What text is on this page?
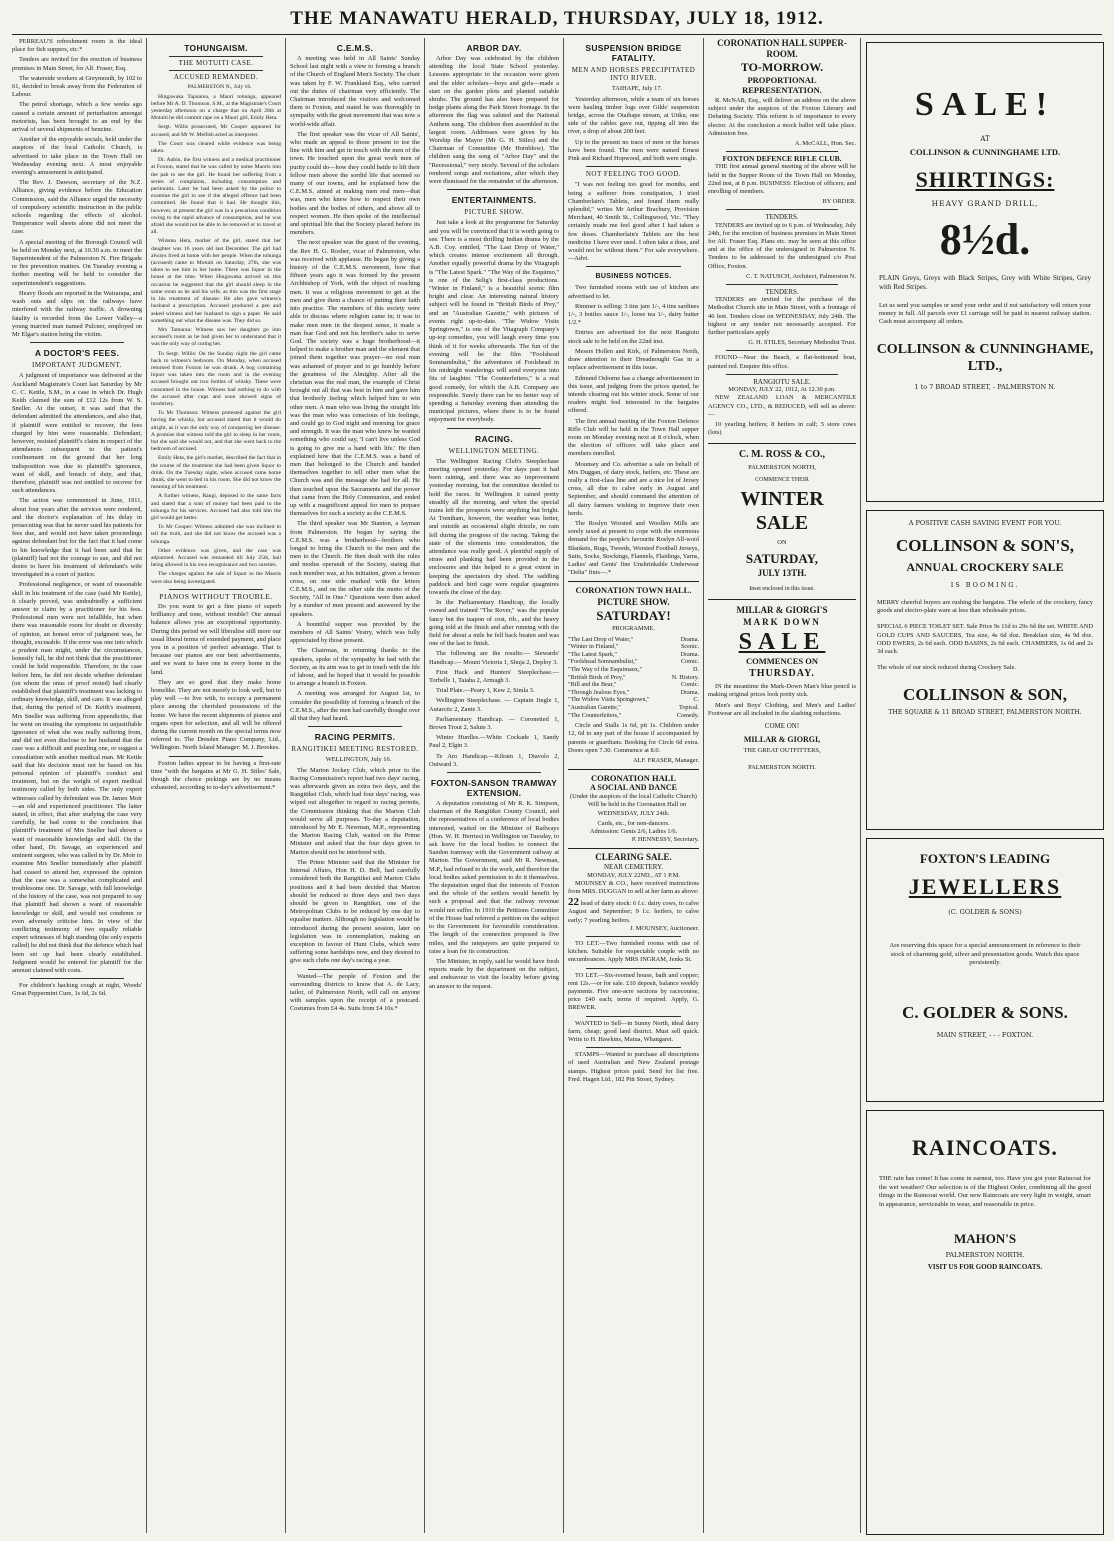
THE MANAWATU HERALD, THURSDAY, JULY 18, 1912.

PERREAU'S refreshment room is the ideal place for fish suppers, etc.*

Tenders are invited for the erection of business premises in Main Street, for Alf. Fraser, Esq.

The waterside workers at Greymouth, by 102 to 61, decided to break away from the Federation of Labour.

The petrol shortage, which a few weeks ago caused a certain amount of perturbation amongst motorists, has been brought to an end by the arrival of several shipments of benzine.

Another of the enjoyable socials, held under the auspices of the local Catholic Church, is advertised to take place in the Town Hall on Wednesday evening next. A most enjoyable evening's amusement is anticipated.

The Rev. J. Dawson, secretary of the N.Z. Alliance, giving evidence before the Education Commission, said the Alliance urged the necessity of compulsory scientific instruction in the public schools regarding the effects of alcohol. Temperance wall sheets alone did not meet the case.

A special meeting of the Borough Council will be held on Monday next, at 10.30 a.m. to meet the Superintendent of the Palmerston N. Fire Brigade re fire prevention matters. On Tuesday evening a further meeting will be held to consider the superintendent's suggestions.

Heavy floods are reported in the Wairarapa, and wash outs and slips on the railways have interfered with the railway traffic. A drowning fatality is recorded from the Lower Valley—a young married man named Pulcner, employed on Mr Elgar's station being the victim.

A DOCTOR'S FEES.
IMPORTANT JUDGMENT.

A judgment of importance was delivered at the Auckland Magistrate's Court last Saturday by Mr C. C. Kettle, S.M., in a case in which Dr. Hugh Keith claimed the sum of £12 12s from W. S. Sneller. At the outset, it was said that the defendant admitted the attendances, and also that, if plaintiff were entitled to recover, the fees charged by him were reasonable. Defendant, however, resisted plaintiff's claim in respect of the attendances subsequent to the patient's confinement on the ground that her long indisposition was due to plaintiff's ignorance, want of skill, and breach of duty, and that, therefore, plaintiff was not entitled to recover for such attendances.

The action was commenced in June, 1911, about four years after the services were rendered, and the doctor's explanation of his delay in prosecuting was that he never sued his patients for fees due, and would not have taken proceedings against defendant but for the fact that it had come to his knowledge that it had been said that he (plaintiff) had not the courage to sue, and did not desire to have his treatment of defendant's wife investigated in a court of justice.

Professional negligence, or want of reasonable skill in his treatment of the case (said Mr Kettle), it clearly proved, was undoubtedly a sufficient answer to claim by a practitioner for his fees. Professional men were not infallible, but when there was reasonable room for doubt or diversity of opinion, an honest error of judgment was, he thought, excusable. If the error was one into which a prudent man might, under the circumstances, honestly fall, he did not think that the practitioner could be held responsible. Therefore, in the case before him, he did not decide whether defendant (on whom the onus of proof rested) had clearly established that plaintiff's treatment was lacking to ordinary knowledge, skill, and care. It was alleged that, during the period of Dr. Keith's treatment, Mrs Sneller was suffering from appendicitis, that he went on treating the symptoms in unjustifiable ignorance of what she was really suffering from, and did not even disclose to her husband that the case was a difficult and puzzling one, or suggest a consultation with another medical man. Mr Kettle said that his decision must not be based on his personal opinion of plaintiff's conduct and treatment, but on the weight of expert medical testimony called by both sides. The only expert witnesses called by defendant was Dr. James Moir—an old and experienced practitioner. The latter stated, in effect, that after studying the case very carefully, he had come to the conclusion that plaintiff's treatment of Mrs Sneller had shown a want of reasonable knowledge and skill. On the other hand, Dr. Savage, an experienced and eminent surgeon, who was called in by Dr. Moir to examine Mrs Sneller immediately after plaintiff had ceased to attend her, expressed the opinion that the case was a somewhat complicated and troublesome one. Dr. Savage, with full knowledge of the history of the case, was not prepared to say that plaintiff had shown a want of reasonable knowledge or skill, and would not condemn or even adversely criticise him. In view of the conflicting testimony of two equally reliable expert witnesses of high standing (the only experts called) he did not think that the defence which had been set up had been clearly established. Judgment would be entered for plaintiff for the amount claimed with costs.

For children's hacking cough at night, Woods' Great Peppermint Cure, 1s 6d, 2s 6d.

TOHUNGAISM.
THE MOTUITI CASE.
ACCUSED REMANDED.

PALMERSTON N., July 16.

Hingawaka Tapuarea, a Maori tohunga, appeared before Mr A. D. Thomson, S.M., at the Magistrate's Court yesterday afternoon on a charge that on April 28th at Motuiti he did commit rape on a Maori girl, Emily Heta.

Sergt. Willis prosecuted, Mr Cooper appeared for accused, and Mr W. Mellish acted as interpreter.

The Court was cleared while evidence was being taken.

Dr. Aubin, the first witness and a medical practitioner at Foxton, stated that he was called by some Maoris into the pah to see the girl. He found her suffering from a series of complaints, including consumption and peritonitis. Later he had been asked by the police to examine the girl to see if the alleged offence had been committed. He found that it had. He thought this, however, at present the girl was in a precarious condition owing to the rapid advance of consumption, and he was afraid she would not be able to be removed or to travel at all.

Wiremu Heta, mother of the girl, stated that her daughter was 16 years old last December. The girl had always lived at home with her people. When the tohunga (accused) came to Motuiti on Saturday, 27th, she was taken to see him in her home. There was liquor in the house at the time. When Hingawaka arrived on this occasion he suggested that the girl should sleep in the same room as he and his wife, as this was the first stage in his treatment of disease. He also gave witness's husband a prescription. Accused produced a pen and asked witness and her husband to sign a paper. He said something out what the disease was. They did so.

Mrs Tamurau: Witness saw her daughter go into accused's room as he had given her to understand that it was the only way of curing her.

To Sergt. Willis: On the Sunday night the girl came back to witness's bedroom. On Monday, when accused returned from Foxton he was drunk. A bog containing liquor was taken into the room and in the evening accused brought out two bottles of whisky. These were consumed in the house. Witness had nothing to do with the accused after cups and soon showed signs of insobriety.

To Mr Thomson: Witness protested against the girl having the whisky, but accused stated that it would do alright, as it was the only way of conquering her disease. A promise that witness told the girl to sleep in her room, but she said she would not, and that she went back to the bedroom of accused.

Emily Heta, the girl's mother, described the fact that in the course of the treatment she had been given liquor to drink. On the Tuesday night, when accused came home drunk, she went to bed in his room. She did not know the meaning of his treatment.

A further witness, Rangi, deposed to the same facts and stated that a sum of money had been paid to the tohunga for his services. Accused had also told him the girl would get better.

To Mr Cooper: Witness admitted she was inclined to tell the truth, and she did not know the accused was a tohunga.

Other evidence was given, and the case was adjourned. Accused was remanded till July 25th, bail being allowed in his own recognisance and two sureties.

The charges against the sale of liquor to the Maoris were also being investigated.

PIANOS WITHOUT TROUBLE.

Do you want to get a fine piano of superb brilliancy and tone, without trouble? Our annual balance allows you an exceptional opportunity. During this period we will liberalise still more our usual liberal terms of extended payment, and place you in a position of perfect advantage. That is because our pianos are our best advertisements, and we want to have one in every home in the land.

They are so good that they make home homelike. They are not merely to look well, but to play well —to live with, to occupy a permanent place among the cherished possessions of the home. We have the recent shipments of pianos and organs open for selection, and all will be offered during the current month on the special terms now referred to. The Dresden Piano Company, Ltd., Wellington. North Island Manager: M. J. Brookes.

Foxton ladies appear to be having a first-rate time "with the bargains at Mr G. H. Stiles' Sale, though the choice pickings are by no means exhausted, according to to-day's advertisement.*

C.E.M.S.

A meeting was held in All Saints' Sunday School last night with a view to forming a branch of the Church of England Men's Society. The chair was taken by F. W. Frankland Esq., who carried out the duties of chairman very efficiently. The Chairman introduced the visitors and welcomed them to Foxton, and stated he was thoroughly in sympathy with the great movement that was now a world-wide affair.

The first speaker was the vicar of All Saints', who made an appeal to those present to toe the line with him and get in touch with the men of the town. He touched upon the great work men of purity could do—how they could battle to lift their fellow men above the sordid life that seemed so many of our towns, and he explained how the C.E.M.S. aimed at making men real men—that was, men who knew how to respect their own bodies and the bodies of others, and above all to respect women. He then spoke of the intellectual and spiritual life that the Society placed before its members.

The next speaker was the guest of the evening, the Rev H. G. Rosher, vicar of Palmerston, who was received with applause. He began by giving a history of the C.E.M.S. movement, how that fifteen years ago it was formed by the present Archbishop of York, with the object of reaching men. It was a religious movement to get at the men and give them a chance of putting their faith into practice. The members of this society were able to discuss where religion came in; it was to make men men in the deepest sense, it made a man fear God and not his brother's sake to serve God. The society was a huge brotherhood—it helped to make a brother man and the element that joined them together was prayer—no real man was ashamed of prayer and to go humbly before the greatness of the Almighty. After all the christian was the real man, the example of Christ brought out all that was best in him and gave him that brotherly feeling which helped him to win other men. A man who was living the straight life was the man who was conscious of his feelings, and could go to God night and morning for grace and strength. It was the man who knew he wanted something who could say, 'I can't live unless God is going to give me a hand with life.' He then explained how that the C.E.M.S. was a band of men that belonged to the Church and banded themselves together to tell other men what the Church was and the message she had for all. He then touched upon the Sacraments and the power that came from the Holy Communion, and ended up with a magnificent appeal for men to prepare themselves for such a society as the C.E.M.S.

The third speaker was Mr Stanton, a layman from Palmerston. He began by saying the C.E.M.S. was a brotherhood—brothers who longed to bring the Church to the men and the men to the Church. He then dealt with the rules and modus operandi of the Society, stating that each member was, at his initiation, given a bronze cross, on one side marked with the letters C.E.M.S., and on the other side the motto of the Society, "All in One." Questions were then asked by a number of men present and answered by the speakers.

A bountiful supper was provided by the members of All Saints' Vestry, which was fully appreciated by those present.

The Chairman, in returning thanks to the speakers, spoke of the sympathy he had with the Society, as its aim was to get in touch with the life of labour, and he hoped that it would be possible to arrange a branch in Foxton.

A meeting was arranged for August 1st, to consider the possibility of forming a branch of the C.E.M.S., after the men had carefully thought over all that they had heard.

RACING PERMITS.
RANGITIKEI MEETING RESTORED.

WELLINGTON, July 16.

The Marton Jockey Club, which prior to the Racing Commission's report had two days' racing, was afterwards given an extra two days, and the Rangitikei Club, which had four days' racing, was wiped out altogether in regard to racing permits, the Commission thinking that the Marton Club would serve all purposes. To-day a deputation, introduced by Mr E. Newman, M.P., representing the Marton Racing Club, waited on the Prime Minister and asked that the four days given to Marton should not be interfered with.

The Prime Minister said that the Minister for Internal Affairs, Hon H. D. Bell, had carefully considered both the Rangitikei and Marton Clubs positions and it had been decided that Marton should be reduced to three days and two days should be given to Rangitikei, one of the Metropolitan Clubs to be reduced by one day to equalise matters. Although no legislation would be introduced during the present session, later on legislation was in contemplation, making an exception in favour of Hunt Clubs, which were suffering some hardships now, and they desired to give such clubs one day's racing a year.

Wanted—The people of Foxton and the surrounding districts to know that A. de Lacy, tailor, of Palmerston North, will call on anyone with samples upon the receipt of a postcard. Costumes from £4 4s. Suits from £4 10s.*

ARBOR DAY.

Arbor Day was celebrated by the children attending the local State School yesterday. Lessons appropriate to the occasion were given and the elder scholars—boys and girls—made a start on the garden plots and planted suitable shrubs. The ground has also been prepared for hedge plants along the Park Street frontage. In the afternoon the flag was saluted and the National Anthem sung. The children then assembled in the largest room. Addresses were given by his Worship the Mayor (Mr G. H. Stiles) and the Chairman of Committee (Mr Hornblow). The children sang the song of "Arbor Day" and the "Recessional," very nicely. Several of the scholars rendered songs and recitations, after which they were dismissed for the remainder of the afternoon.

ENTERTAINMENTS.
PICTURE SHOW.

Just take a look at the programme for Saturday and you will be convinced that it is worth going to see. There is a most thrilling Indian drama by the A.B. Coy. entitled, "The Last Drop of Water," which creates intense excitement all through. Another equally powerful drama by the Vitagraph is "The Latest Spark." "The Way of the Esquimo," is one of the Selig's first-class productions. "Winter in Finland," is a beautiful scenic film bright and clear. An interesting natural history subject will be found in "British Birds of Prey," and an "Australian Gazette," with pictures of events right up-to-date. "The Widow Visits Springtown," is one of the Vitagraph Company's up-top comedies, you will laugh every time you think of it for weeks afterwards. The fun of the evening will be the film "Foolshead Somnambulist," the adventures of Foolshead in his midnight wanderings will send everyone into fits of laughter. "The Counterfeiters," is a real good comedy, for which the A.B. Company are responsible. Surely there can be no better way of spending a Saturday evening than attending the municipal pictures, where there is to be found enjoyment for everybody.

RACING.
WELLINGTON MEETING.

The Wellington Racing Club's Steeplechase meeting opened yesterday. For days past it had been raining, and there was no improvement yesterday morning, but the committee decided to hold the races. In Wellington it rained pretty steadily all the morning, and when the special trains left the prospects were anything but bright. At Trentham, however, the weather was better, and outside an occasional slight drizzle, no rain fell during the progress of the racing. Taking the state of the elements into consideration, the attendance was really good. A plentiful supply of straw and planking had been provided in the enclosures and this helped to a great extent in keeping the spectators dry shod. The saddling paddock and bird cage were regular quagmires towards the close of the day.

In the Parliamentary Handicap, the locally owned and trained "The Rover," was the popular fancy but the tuapon of cost, rib., and the heavy going told at the finish and after running with the field for about a mile he fell back beaten and was one of the last to finish.

The following are the results:— Stewards' Handicap.— Mount Victoria 1, Shuja 2, Deploy 3.

First Hack and Hunters' Steeplechase.—Torbelle 1, Taiaha 2, Armagh 3.

Trial Plate.—Peary 1, Kew 2, Simla 3.

Wellington Steeplechase. — Captain Jingle 1, Autarctic 2, Zante 3.

Parliamentary Handicap. — Coronetted 1, Brown Trout 2, Salute 3.

Winter Hurdles.—White Cockade 1, Sandy Paul 2, Elgin 3.

Te Aro Handicap.—Kilrain 1, Diavolo 2, Outward 3.

FOXTON-SANSON TRAMWAY EXTENSION.

A deputation consisting of Mr R. K. Simpson, chairman of the Rangitikei County Council, and the representatives of a conference of local bodies interested, waited on the Minister of Railways (Hon. W. H. Herries) in Wellington on Tuesday, to ask leave for the local bodies to connect the Sandon tramway with the Government railway at Marton. The Government, said Mr R. Newman, M.P., had refused to do the work, and therefore the local bodies asked permission to do it themselves. The deputation urged that the interests of Foxton and the whole of the settlers would benefit by such a proposal and that the railway revenue would not suffer. In 1910 the Petitions Committee of the House had referred a petition on the subject to the Government for favourable consideration. The length of the connection proposed is five miles, and the ratepayers are quite prepared to raise a loan for its construction.

The Minister, in reply, said he would have fresh reports made by the department on the subject, and endeavour to visit the locality before giving an answer to the request.

SUSPENSION BRIDGE FATALITY.
MEN AND HORSES PRECIPITATED INTO RIVER.

TAIHAPE, July 17.

Yesterday afternoon, while a team of six horses were hauling timber logs over Gilds' suspension bridge, across the Otaihape stream, at Utiku, one side of the cables gave out, tipping all into the river, a drop of about 200 feet.

Up to the present no trace of men or the horses have been found. The men were named Ernest Pink and Richard Hopwood, and both were single.

NOT FEELING TOO GOOD.

"I was not feeling too good for months, and being a sufferer from constipation, I tried Chamberlain's Tablets, and found them really splendid," writes Mr Arthur Bracbury, Provision Merchant, 40 Smith St., Collingwood, Vic. "They certainly made me feel good after I had taken a few doses. Chamberlain's Tablets are the best medicine I have ever used. I often take a dose, and would not be without them." For sale everywhere.—Advt.

BUSINESS NOTICES.

Two furnished rooms with use of kitchen are advertised to let.

Rimmer is selling: 3 tins jam 1/-, 4 tins sardines 1/-, 3 bottles sauce 1/-, loose tea 1/-, dairy butter 1/2.*

Entries are advertised for the next Rangiotu stock sale to be held on the 22nd inst.

Messrs Hollen and Kirk, of Palmerston North, draw attention to their Dreadnought Gas in a replace advertisement in this issue.

Edmund Osborne has a change advertisement in this issue, and judging from the prices quoted, he intends clearing out his winter stock. Some of our readers might feel interested in the bargains offered.

The first annual meeting of the Foxton Defence Rifle Club will be held in the Town Hall supper room on Monday evening next at 8 o'clock, when the election of officers will take place and members enrolled.

Mounsey and Co. advertise a sale on behalf of Mrs Duggan, of dairy stock, heifers, etc. These are really a first-class line and are a nice lot of Jersey cross, all due to calve early in August and September, and should command the attention of all dairy farmers wishing to improve their own herds.

The Roslyn Worsted and Woollen Mills are sorely taxed at present to cope with the enormous demand for the people's favourite Roslyn All-wool Blankets, Rugs, Tweeds, Worsted Football Jerseys, Suits, Socks, Stockings, Flannels, Flaidings, Yarns, Ladies' and Gents' fine Unshrinkable Underwear "Delta" finis—.*

CORONATION TOWN HALL.
PICTURE SHOW.
SATURDAY!
PROGRAMME.
"The Last Drop of Water,"	Drama.
"Winter in Finland,"	Scenic.
"The Latest Spark,"	Drama.
"Foolshead Somnambulist,"	Comic.
"The Way of the Esquimaux,"	D.
"British Birds of Prey,"	N. History.
"Bill and the Bear,"	Comic.
"Through Jealous Eyes,"	Drama.
"The Widow Visits Springtown,"	C.
"Australian Gazette,"	Topical.
"The Counterfeiters,"	Comedy.

Circle and Stalls 1s 6d, pit 1s. Children under 12, 6d to any part of the house if accompanied by parents or guardians. Booking for Circle 6d extra. Doors open 7.30. Commence at 8.0.

ALF. FRASER, Manager.
CORONATION HALL
A SOCIAL AND DANCE
(Under the auspices of the local Catholic Church)

Will be held in the Coronation Hall on WEDNESDAY, JULY 24th.

Cards, etc., for non-dancers.
Admission: Gents 2/6, Ladies 1/6.
P. HENNESSY, Secretary.
CLEARING SALE.
NEAR CEMETERY.
MONDAY, JULY 22ND., AT 1 P.M.

MOUNSEY & CO., have received instructions from MRS. DUGGAN to sell at her farm as above:

22 head of dairy stock: 6 f.c. dairy cows, to calve August and September; 9 f.c. heifers, to calve early; 7 yearling heifers.
J. MOUNSEY, Auctioneer.

TO LET.—Two furnished rooms with use of kitchen. Suitable for respectable couple with no encumbrances. Apply MRS INGRAM, Jenks St.

TO LET.—Six-roomed house, bath and copper; rent 12s.—or for sale. £10 deposit, balance weekly payments. Five one-acre sections by racecourse, price £40 each; terms if required. Apply, G. BREWER.

WANTED to Sell—in Sunny North, ideal dairy farm, cheap; good land district. Must sell quick. Write to H. Hawkins, Matua, Whangarei.

STAMPS—Wanted to purchase all descriptions of used Australian and New Zealand postage stamps. Highest prices paid. Send for list free. Fred. Hagen Ltd., 182 Pitt Street, Sydney.

CORONATION HALL SUPPER-ROOM.
TO-MORROW.
PROPORTIONAL REPRESENTATION.

R. McNAB, Esq., will deliver an address on the above subject under the auspices of the Foxton Literary and Debating Society. This reform is of importance to every elector. At the conclusion a mock ballot will take place. Admission free.

A. McCALL, Hon. Sec.
FOXTON DEFENCE RIFLE CLUB.

THE first annual general meeting of the above will be held in the Supper Room of the Town Hall on Monday, 22nd inst, at 8 p.m. BUSINESS: Election of officers; and enrolling of members.

BY ORDER.
TENDERS.

TENDERS are invited up to 6 p.m. of Wednesday, July 24th, for the erection of business premises in Main Street for Alf. Fraser Esq. Plans etc. may be seen at this office and at the office of the undersigned in Palmerston N. Tenders to be addressed to the undersigned c/o Post Office, Foxton.

C. T. NATUSCH, Architect, Palmerston N.
TENDERS.

TENDERS are invited for the purchase of the Methodist Church site in Main Street, with a frontage of 46 feet. Tenders close on WEDNESDAY, July 24th. The highest or any tender not necessarily accepted. For further particulars apply

G. H. STILES, Secretary Methodist Trust.

FOUND—Near the Beach, a flat-bottomed boat, painted red. Enquire this office.

RANGIOTU SALE.
MONDAY, JULY 22, 1912, At 12.30 p.m.

NEW ZEALAND LOAN & MERCANTILE AGENCY CO., LTD., & REDUCED, will sell as above:—

10 yearling heifers; 8 heifers in calf; 5 store cows (lots)

C. M. ROSS & CO.,
PALMERSTON NORTH,
COMMENCE THEIR
WINTER
SALE
ON
SATURDAY,
JULY 13TH.
Inset enclosed in this issue.
MILLAR & GIORGI'S
MARK DOWN
SALE
COMMENCES ON
THURSDAY.

IN the meantime the Mark-Down Man's blue pencil is making original prices look pretty sick.

Men's and Boys' Clothing, and Men's and Ladies' Footwear are all included in the slashing reductions.

COME ON!
MILLAR & GIORGI,
THE GREAT OUTFITTERS,
PALMERSTON NORTH.
SALE!
AT
COLLINSON & CUNNINGHAME LTD.
SHIRTINGS:
HEAVY GRAND DRILL,
8½d.

PLAIN Greys, Greys with Black Stripes, Grey with White Stripes, Grey with Red Stripes.

Let us send you samples or send your order and if not satisfactory will return your money in full. All parcels over £1 carriage will be paid to nearest railway station. Cash must accompany all orders.

COLLINSON & CUNNINGHAME, LTD.,
1 to 7 BROAD STREET, - PALMERSTON N.
A POSITIVE CASH SAVING EVENT FOR YOU.
COLLINSON & SON'S,
ANNUAL CROCKERY SALE
IS BOOMING.

MERRY cheerful buyers are rushing the bargains. The whole of the crockery, fancy goods and electro-plate ware at less than wholesale prices.

SPECIAL 6 PIECE TOILET SET. Sale Price 9s 11d to 29s 6d the set. WHITE AND GOLD CUPS AND SAUCERS, Tea size, 4s 6d doz. Breakfast size, 4s 9d doz. ODD EWERS, 2s 6d each. ODD BASINS, 2s 6d each. CHAMBERS, 1s 6d and 2s 3d each.

The whole of our stock reduced during Crockery Sale.

COLLINSON & SON,
THE SQUARE & 11 BROAD STREET, PALMERSTON NORTH.
FOXTON'S LEADING
JEWELLERS
(C. GOLDER & SONS)

Are reserving this space for a special announcement in reference to their stock of charming gold, silver and presentation goods. Watch this space persistently.

C. GOLDER & SONS.
MAIN STREET, - - - FOXTON.
RAINCOATS.

THE rain has come! It has come in earnest, too. Have you got your Raincoat for the wet weather? Our selection is of the Highest Order, combining all the good things in the Raincoat world. Our new Raincoats are very light in weight, smart in appearance, serviceable in wear, and reasonable in price.

MAHON'S
PALMERSTON NORTH.
VISIT US FOR GOOD RAINCOATS.
